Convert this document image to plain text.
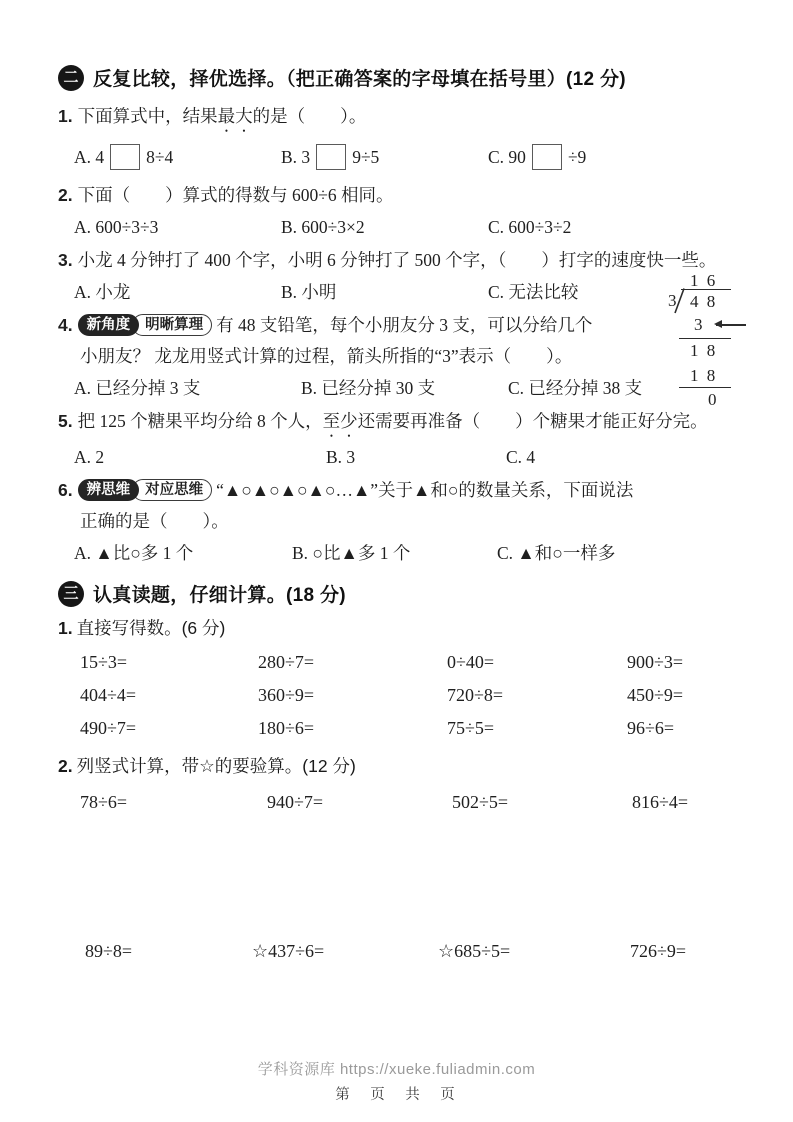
二 反复比较，择优选择。（把正确答案的字母填在括号里）(12 分)
1. 下面算式中，结果最大的是（　　）。
A. 4 8÷4	B. 3 9÷5	C. 90 ÷9
2. 下面（　　）算式的得数与 600÷6 相同。
A. 600÷3÷3	B. 600÷3×2	C. 600÷3÷2
3. 小龙 4 分钟打了 400 个字，小明 6 分钟打了 500 个字，（　　）打字的速度快一些。
A. 小龙	B. 小明	C. 无法比较
4. 新角度 明晰算理 有 48 支铅笔，每个小朋友分 3 支，可以分给几个
小朋友？ 龙龙用竖式计算的过程，箭头所指的“3”表示（　　）。
A. 已经分掉 3 支	B. 已经分掉 30 支	C. 已经分掉 38 支
5. 把 125 个糖果平均分给 8 个人，至少还需要再准备（　　）个糖果才能正好分完。
A. 2	B. 3	C. 4
6. 辨思维 对应思维 “▲○▲○▲○▲○…▲”关于▲和○的数量关系，下面说法
正确的是（　　）。
A. ▲比○多 1 个	B. ○比▲多 1 个	C. ▲和○一样多
三 认真读题，仔细计算。(18 分)
1. 直接写得数。(6 分)
15÷3=	280÷7=	0÷40=	900÷3=
404÷4=	360÷9=	720÷8=	450÷9=
490÷7=	180÷6=	75÷5=	96÷6=
2. 列竖式计算，带☆的要验算。(12 分)
78÷6=	940÷7=	502÷5=	816÷4=
89÷8=	☆437÷6=	☆685÷5=	726÷9=
1 6
3 4 8
3
1 8
1 8
0
学科资源库 https://xueke.fuliadmin.com
第　页　共　页
